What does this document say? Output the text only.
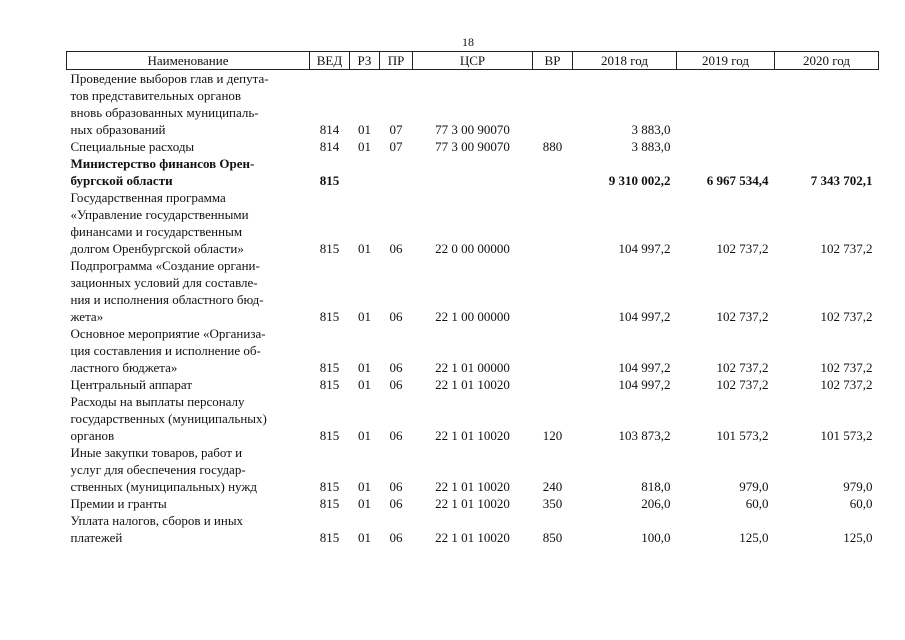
18
Наименование	ВЕД	РЗ	ПР	ЦСР	ВР	2018 год	2019 год	2020 год

Проведение выборов глав и депута-
тов представительных органов
вновь образованных муниципаль-
ных образований	814	01	07	77 3 00 90070		3 883,0		

Специальные расходы	814	01	07	77 3 00 90070	880	3 883,0		

Министерство финансов Орен-
бургской области	815					9 310 002,2	6 967 534,4	7 343 702,1

Государственная программа
«Управление государственными
финансами и государственным
долгом Оренбургской области»	815	01	06	22 0 00 00000		104 997,2	102 737,2	102 737,2

Подпрограмма «Создание органи-
зационных условий для составле-
ния и исполнения областного бюд-
жета»	815	01	06	22 1 00 00000		104 997,2	102 737,2	102 737,2

Основное мероприятие «Организа-
ция составления и исполнение об-
ластного бюджета»	815	01	06	22 1 01 00000		104 997,2	102 737,2	102 737,2

Центральный аппарат	815	01	06	22 1 01 10020		104 997,2	102 737,2	102 737,2

Расходы на выплаты персоналу
государственных (муниципальных)
органов	815	01	06	22 1 01 10020	120	103 873,2	101 573,2	101 573,2

Иные закупки товаров, работ и
услуг для обеспечения государ-
ственных (муниципальных) нужд	815	01	06	22 1 01 10020	240	818,0	979,0	979,0

Премии и гранты	815	01	06	22 1 01 10020	350	206,0	60,0	60,0

Уплата налогов, сборов и иных
платежей	815	01	06	22 1 01 10020	850	100,0	125,0	125,0
